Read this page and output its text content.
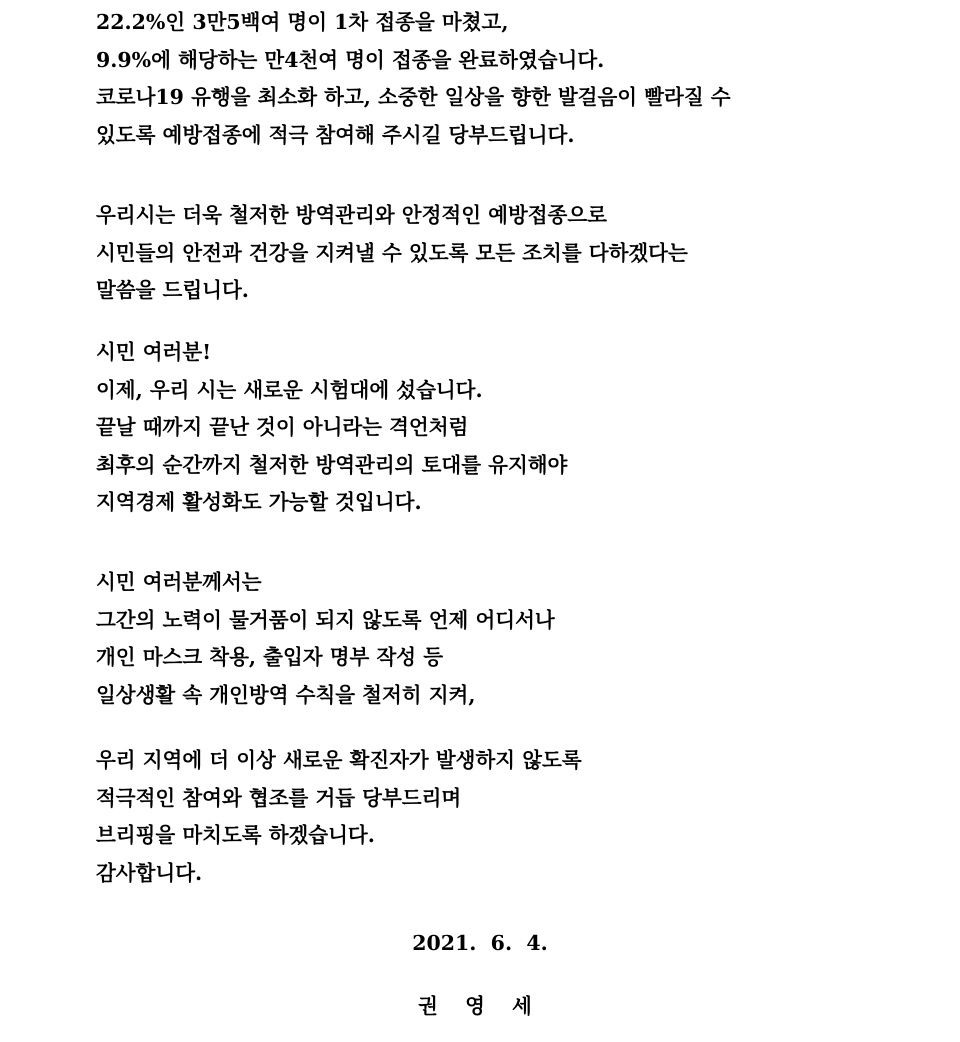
22.2%인 3만5백여 명이 1차 접종을 마쳤고,
9.9%에 해당하는 만4천여 명이 접종을 완료하였습니다.
코로나19 유행을 최소화 하고, 소중한 일상을 향한 발걸음이 빨라질 수
있도록 예방접종에 적극 참여해 주시길 당부드립니다.
우리시는 더욱 철저한 방역관리와 안정적인 예방접종으로
시민들의 안전과 건강을 지켜낼 수 있도록 모든 조치를 다하겠다는
말씀을 드립니다.
시민 여러분!
이제, 우리 시는 새로운 시험대에 섰습니다.
끝날 때까지 끝난 것이 아니라는 격언처럼
최후의 순간까지 철저한 방역관리의 토대를 유지해야
지역경제 활성화도 가능할 것입니다.
시민 여러분께서는
그간의 노력이 물거품이 되지 않도록 언제 어디서나
개인 마스크 착용, 출입자 명부 작성 등
일상생활 속 개인방역 수칙을 철저히 지켜,
우리 지역에 더 이상 새로운 확진자가 발생하지 않도록
적극적인 참여와 협조를 거듭 당부드리며
브리핑을 마치도록 하겠습니다.
감사합니다.
2021.  6.  4.
권 영 세
